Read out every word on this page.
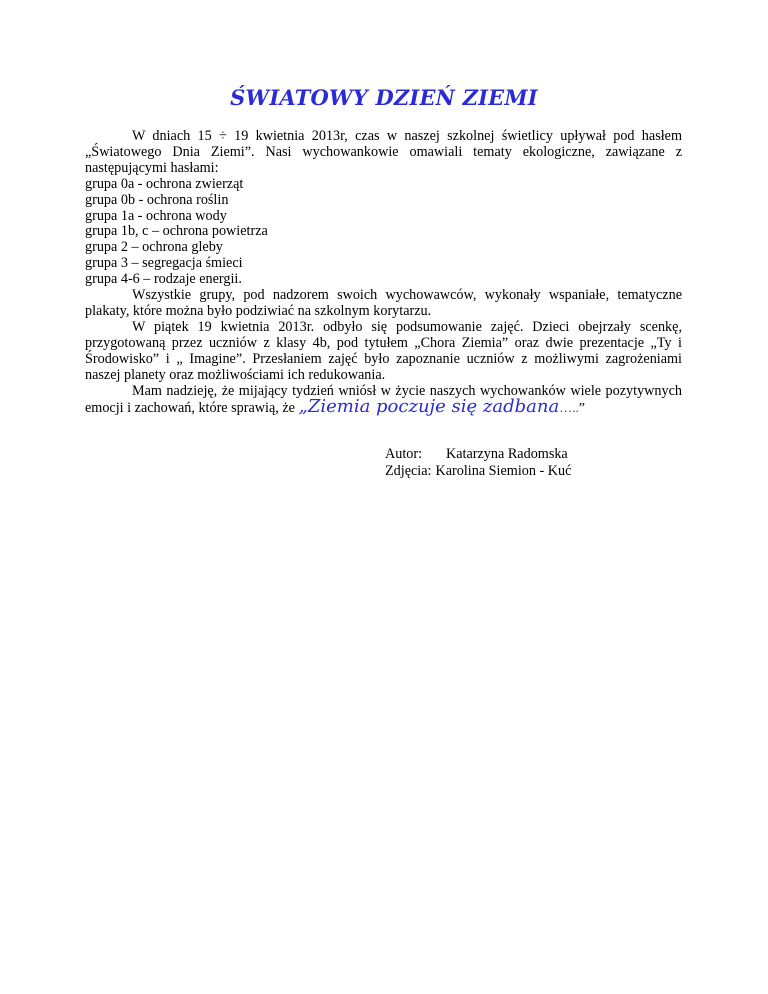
ŚWIATOWY DZIEŃ ZIEMI

W dniach 15 ÷ 19 kwietnia 2013r, czas w naszej szkolnej świetlicy upływał pod hasłem „Światowego Dnia Ziemi”. Nasi wychowankowie omawiali tematy ekologiczne, zawiązane z następującymi hasłami:

grupa 0a - ochrona zwierząt

grupa 0b - ochrona roślin

grupa 1a - ochrona wody

grupa 1b, c – ochrona powietrza

grupa 2 – ochrona gleby

grupa 3 – segregacja śmieci

grupa 4-6 – rodzaje energii.

Wszystkie grupy, pod nadzorem swoich wychowawców, wykonały wspaniałe, tematyczne plakaty, które można było podziwiać na szkolnym korytarzu.

W piątek 19 kwietnia 2013r. odbyło się podsumowanie zajęć. Dzieci obejrzały scenkę, przygotowaną przez uczniów z klasy 4b, pod tytułem „Chora Ziemia” oraz dwie prezentacje „Ty i Środowisko” i „ Imagine”. Przesłaniem zajęć było zapoznanie uczniów z możliwymi zagrożeniami naszej planety oraz możliwościami ich redukowania.

Mam nadzieję, że mijający tydzień wniósł w życie naszych wychowanków wiele pozytywnych emocji i zachowań, które sprawią, że „Ziemia poczuje się zadbana…..”

Autor:	Katarzyna Radomska
Zdjęcia: Karolina Siemion - Kuć
